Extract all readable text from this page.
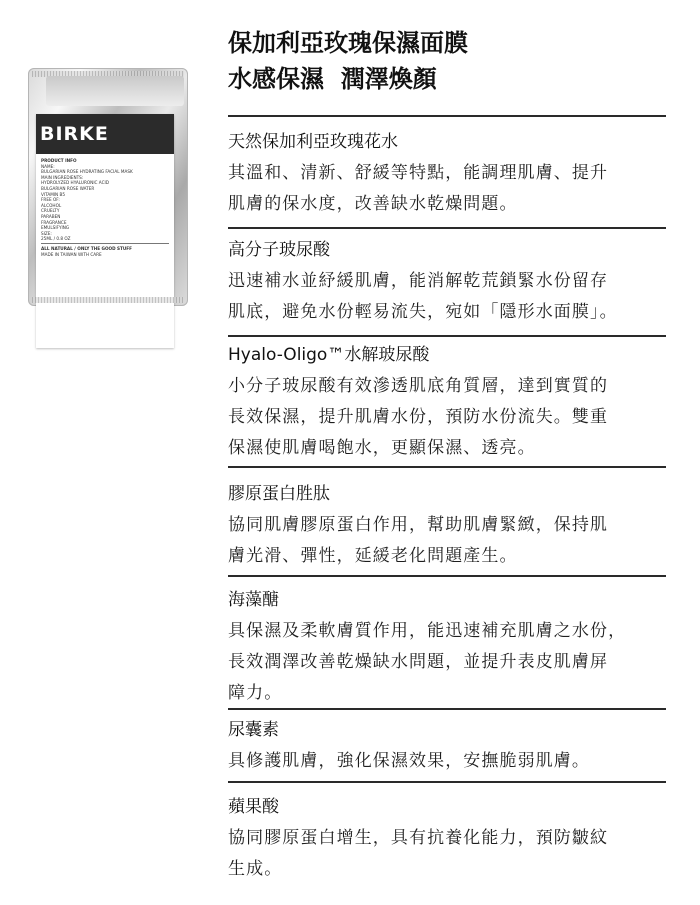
BIRKE
PRODUCT INFO
NAME:
BULGARIAN ROSE HYDRATING FACIAL MASK
MAIN INGREDIENTS:
HYDROLYZED HYALURONIC ACID
BULGARIAN ROSE WATER
VITAMIN B5
FREE OF:
ALCOHOL
CRUELTY
PARABEN
FRAGRANCE
EMULSIFYING
SIZE:
25ML / 0.8 OZ
ALL NATURAL / ONLY THE GOOD STUFF
MADE IN TAIWAN WITH CARE
保加利亞玫瑰保濕面膜
水感保濕  潤澤煥顏
天然保加利亞玫瑰花水

其溫和、清新、舒緩等特點，能調理肌膚、提升
肌膚的保水度，改善缺水乾燥問題。

高分子玻尿酸

迅速補水並紓緩肌膚，能消解乾荒鎖緊水份留存
肌底，避免水份輕易流失，宛如「隱形水面膜」。

Hyalo-Oligo™水解玻尿酸

小分子玻尿酸有效滲透肌底角質層，達到實質的
長效保濕，提升肌膚水份，預防水份流失。雙重
保濕使肌膚喝飽水，更顯保濕、透亮。

膠原蛋白胜肽

協同肌膚膠原蛋白作用，幫助肌膚緊緻，保持肌
膚光滑、彈性，延緩老化問題產生。

海藻醣

具保濕及柔軟膚質作用，能迅速補充肌膚之水份，
長效潤澤改善乾燥缺水問題，並提升表皮肌膚屏
障力。

尿囊素

具修護肌膚，強化保濕效果，安撫脆弱肌膚。

蘋果酸

協同膠原蛋白增生，具有抗養化能力，預防皺紋
生成。
